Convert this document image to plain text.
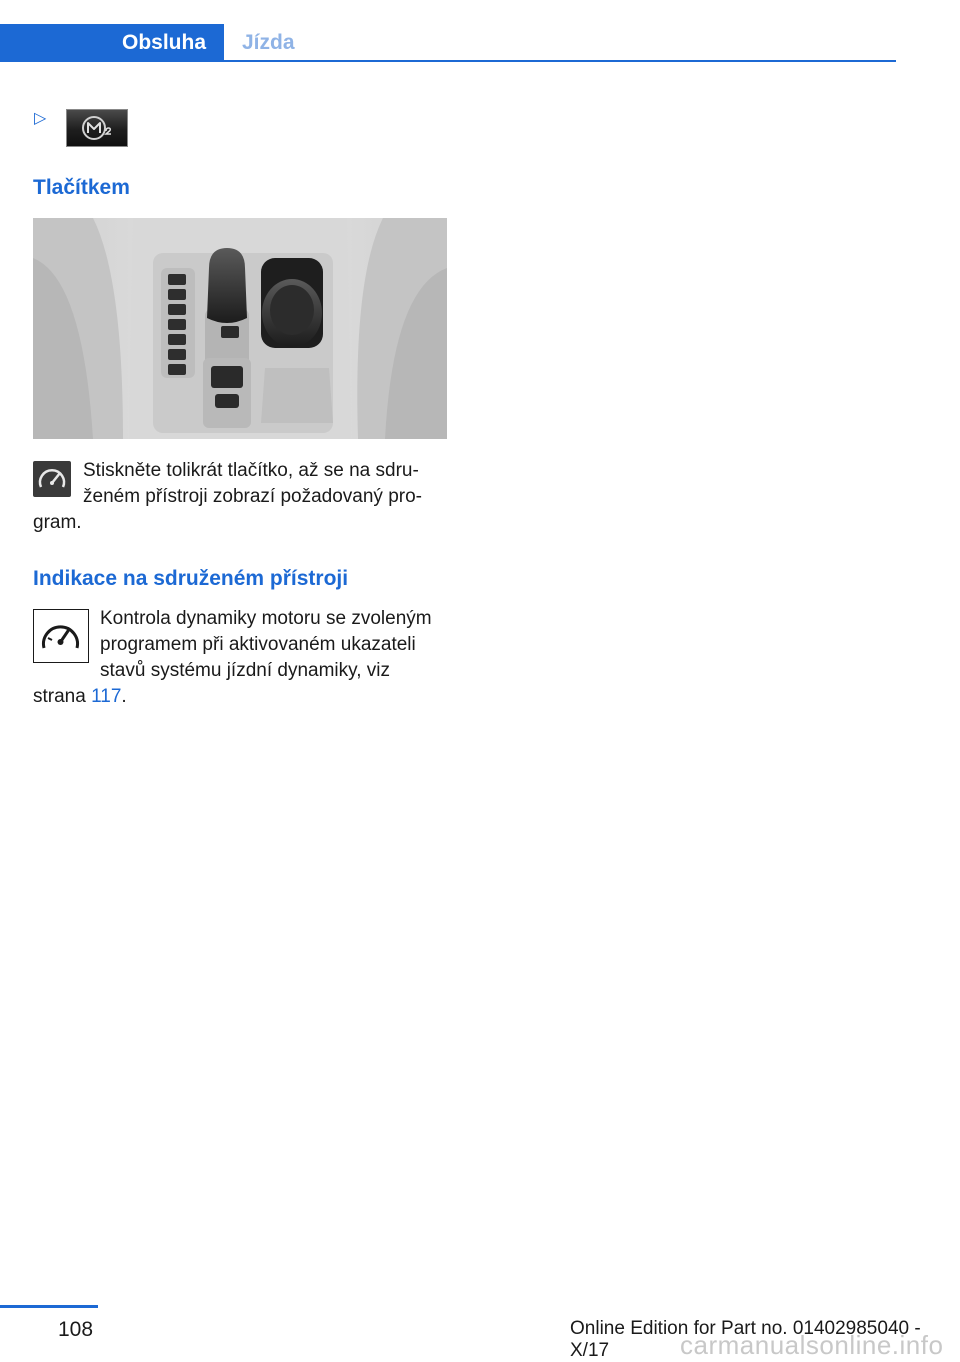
Obsluha	Jízda
▷
Tlačítkem
Stiskněte tolikrát tlačítko, až se na sdru‐
ženém přístroji zobrazí požadovaný pro‐
gram.
Indikace na sdruženém přístroji
Kontrola dynamiky motoru se zvoleným
programem při aktivovaném ukazateli
stavů systému jízdní dynamiky, viz
strana 117.
108	Online Edition for Part no. 01402985040 - X/17	carmanualsonline.info
